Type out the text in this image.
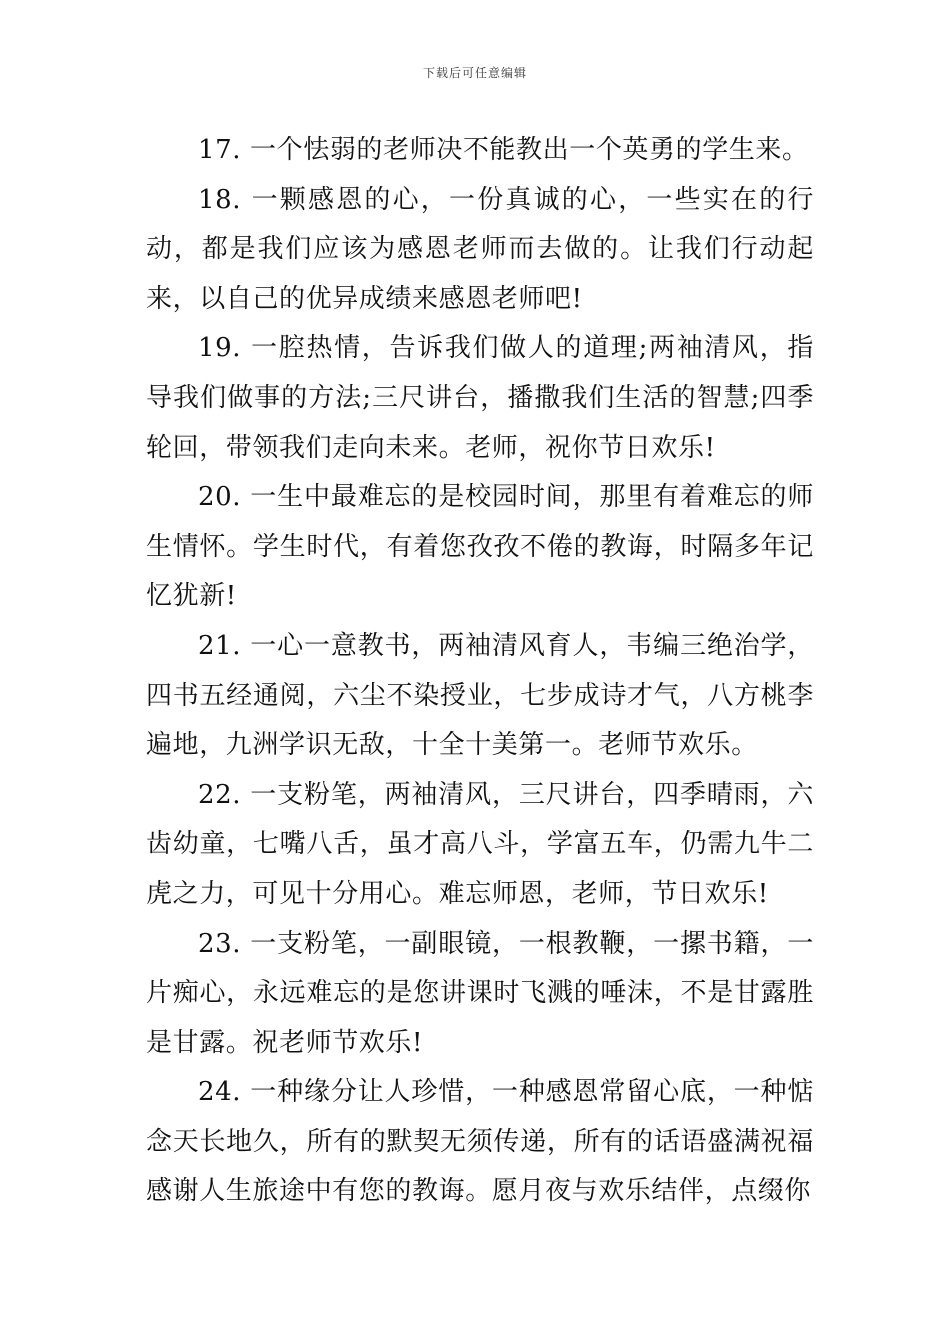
下载后可任意编辑

17. 一个怯弱的老师决不能教出一个英勇的学生来。

18. 一颗感恩的心，一份真诚的心，一些实在的行动，都是我们应该为感恩老师而去做的。让我们行动起来，以自己的优异成绩来感恩老师吧!

19. 一腔热情，告诉我们做人的道理;两袖清风，指导我们做事的方法;三尺讲台，播撒我们生活的智慧;四季轮回，带领我们走向未来。老师，祝你节日欢乐!

20. 一生中最难忘的是校园时间，那里有着难忘的师生情怀。学生时代，有着您孜孜不倦的教诲，时隔多年记忆犹新!

21. 一心一意教书，两袖清风育人，韦编三绝治学，四书五经通阅，六尘不染授业，七步成诗才气，八方桃李遍地，九洲学识无敌，十全十美第一。老师节欢乐。

22. 一支粉笔，两袖清风，三尺讲台，四季晴雨，六齿幼童，七嘴八舌，虽才高八斗，学富五车，仍需九牛二虎之力，可见十分用心。难忘师恩，老师，节日欢乐!

23. 一支粉笔，一副眼镜，一根教鞭，一摞书籍，一片痴心，永远难忘的是您讲课时飞溅的唾沫，不是甘露胜是甘露。祝老师节欢乐!

24. 一种缘分让人珍惜，一种感恩常留心底，一种惦念天长地久，所有的默契无须传递，所有的话语盛满祝福感谢人生旅途中有您的教诲。愿月夜与欢乐结伴，点缀你
